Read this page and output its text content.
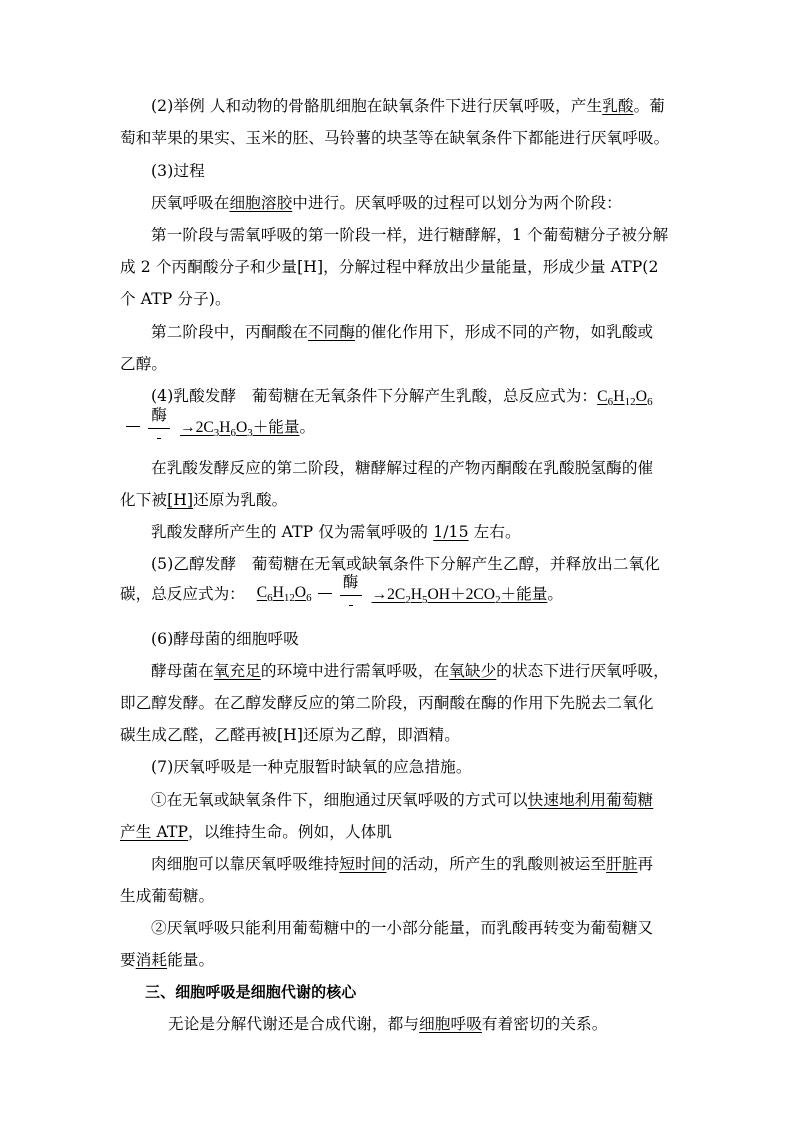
(2)举例 人和动物的骨骼肌细胞在缺氧条件下进行厌氧呼吸，产生乳酸。葡
萄和苹果的果实、玉米的胚、马铃薯的块茎等在缺氧条件下都能进行厌氧呼吸。
(3)过程
厌氧呼吸在细胞溶胶中进行。厌氧呼吸的过程可以划分为两个阶段：
第一阶段与需氧呼吸的第一阶段一样，进行糖酵解，1 个葡萄糖分子被分解
成 2 个丙酮酸分子和少量[H]，分解过程中释放出少量能量，形成少量 ATP(2
个 ATP 分子)。
第二阶段中，丙酮酸在不同酶的催化作用下，形成不同的产物，如乳酸或
乙醇。
(4)乳酸发酵　葡萄糖在无氧条件下分解产生乳酸，总反应式为：$C_6H_{12}O_6$
酶
$\to 2C_3H_6O_3+$能量。
在乳酸发酵反应的第二阶段，糖酵解过程的产物丙酮酸在乳酸脱氢酶的催
化下被[H]还原为乳酸。
乳酸发酵所产生的 ATP 仅为需氧呼吸的 1/15 左右。
(5)乙醇发酵　葡萄糖在无氧或缺氧条件下分解产生乙醇，并释放出二氧化
碳，总反应式为： $C_6H_{12}O_6$
酶
$\to 2C_2H_5OH+2CO_2+$能量。
(6)酵母菌的细胞呼吸
酵母菌在氧充足的环境中进行需氧呼吸，在氧缺少的状态下进行厌氧呼吸，
即乙醇发酵。在乙醇发酵反应的第二阶段，丙酮酸在酶的作用下先脱去二氧化
碳生成乙醛，乙醛再被[H]还原为乙醇，即酒精。
(7)厌氧呼吸是一种克服暂时缺氧的应急措施。
①在无氧或缺氧条件下，细胞通过厌氧呼吸的方式可以快速地利用葡萄糖
产生 ATP，以维持生命。例如，人体肌
肉细胞可以靠厌氧呼吸维持短时间的活动，所产生的乳酸则被运至肝脏再
生成葡萄糖。
②厌氧呼吸只能利用葡萄糖中的一小部分能量，而乳酸再转变为葡萄糖又
要消耗能量。
三、细胞呼吸是细胞代谢的核心
无论是分解代谢还是合成代谢，都与细胞呼吸有着密切的关系。
